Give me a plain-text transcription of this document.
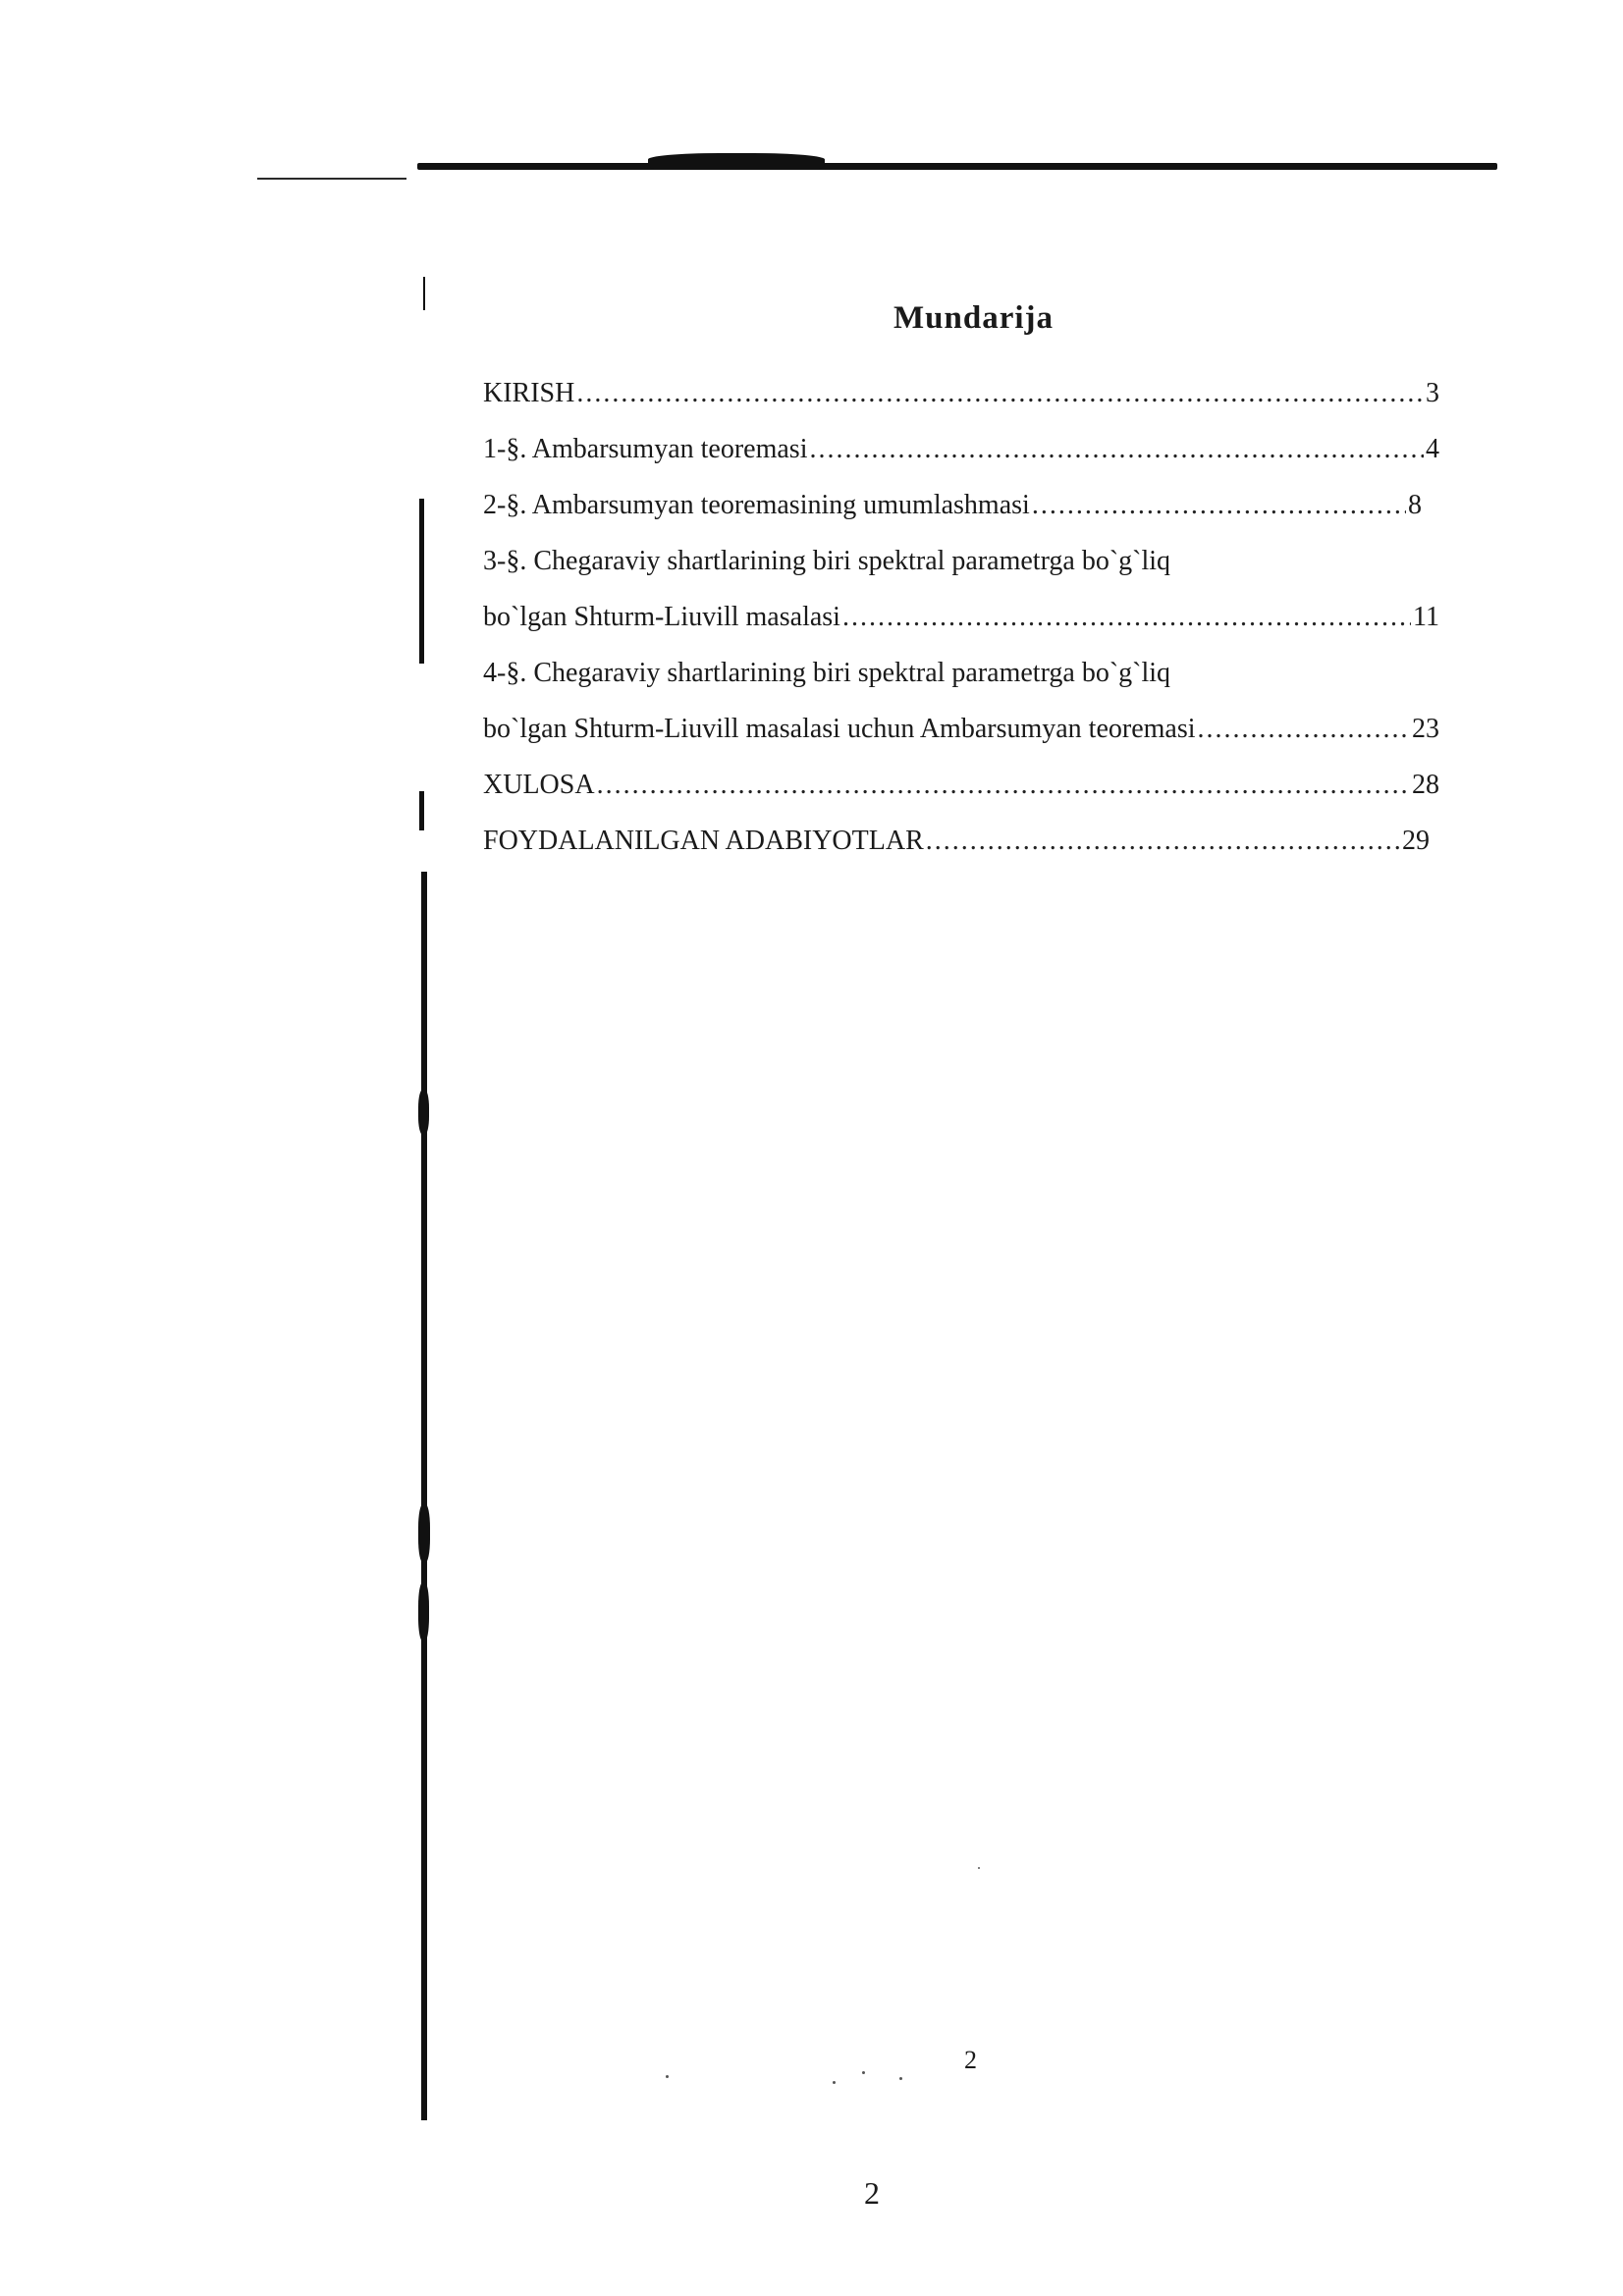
Mundarija
KIRISH .....	3
1-§. Ambarsumyan teoremasi .....	4
2-§. Ambarsumyan teoremasining umumlashmasi .....	8
3-§. Chegaraviy shartlarining biri spektral parametrga bo`g`liq
bo`lgan Shturm-Liuvill masalasi .....	11
4-§. Chegaraviy shartlarining biri spektral parametrga bo`g`liq
bo`lgan Shturm-Liuvill masalasi uchun Ambarsumyan teoremasi .....	23
XULOSA .....	28
FOYDALANILGAN ADABIYOTLAR .....	29
2
2
